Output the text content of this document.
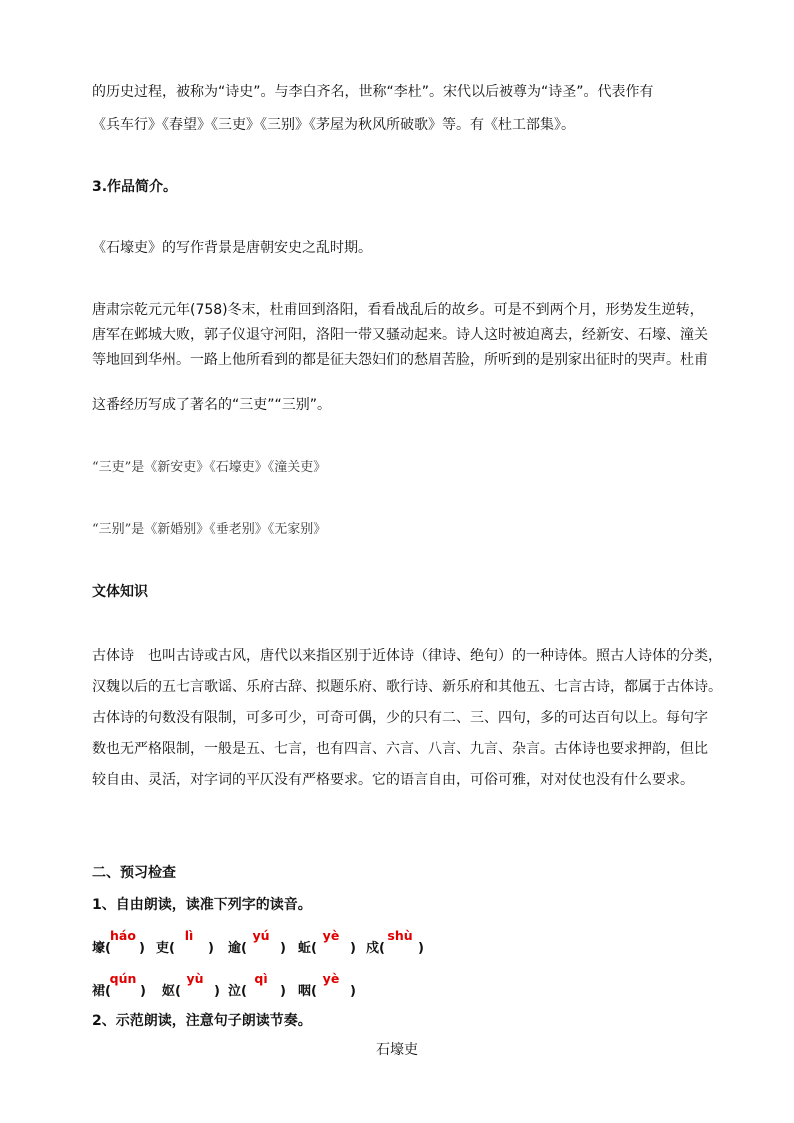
的历史过程，被称为“诗史”。与李白齐名，世称“李杜”。宋代以后被尊为“诗圣”。代表作有
《兵车行》《春望》《三吏》《三别》《茅屋为秋风所破歌》等。有《杜工部集》。
3.作品简介。
《石壕吏》的写作背景是唐朝安史之乱时期。
唐肃宗乾元元年(758)冬末，杜甫回到洛阳，看看战乱后的故乡。可是不到两个月，形势发生逆转，
唐军在邺城大败，郭子仪退守河阳，洛阳一带又骚动起来。诗人这时被迫离去，经新安、石壕、潼关
等地回到华州。一路上他所看到的都是征夫怨妇们的愁眉苦脸，所听到的是别家出征时的哭声。杜甫
这番经历写成了著名的“三吏”“三别”。
“三吏”是《新安吏》《石壕吏》《潼关吏》
“三别”是《新婚别》《垂老别》《无家别》
文体知识
古体诗　也叫古诗或古风，唐代以来指区别于近体诗（律诗、绝句）的一种诗体。照古人诗体的分类，
汉魏以后的五七言歌谣、乐府古辞、拟题乐府、歌行诗、新乐府和其他五、七言古诗，都属于古体诗。
古体诗的句数没有限制，可多可少，可奇可偶，少的只有二、三、四句，多的可达百句以上。每句字
数也无严格限制，一般是五、七言，也有四言、六言、八言、九言、杂言。古体诗也要求押韵，但比
较自由、灵活，对字词的平仄没有严格要求。它的语言自由，可俗可雅，对对仗也没有什么要求。
二、预习检查
1、自由朗读，读准下列字的读音。
壕 (
háo
) 吏 (
lì
) 逾 (
yú
) 蚯 (
yè
) 戍 (
shù
)
裙 (
qún
) 妪 (
yù
) 泣 (
qì
) 咽 (
yè
)
2、示范朗读，注意句子朗读节奏。
石壕吏
